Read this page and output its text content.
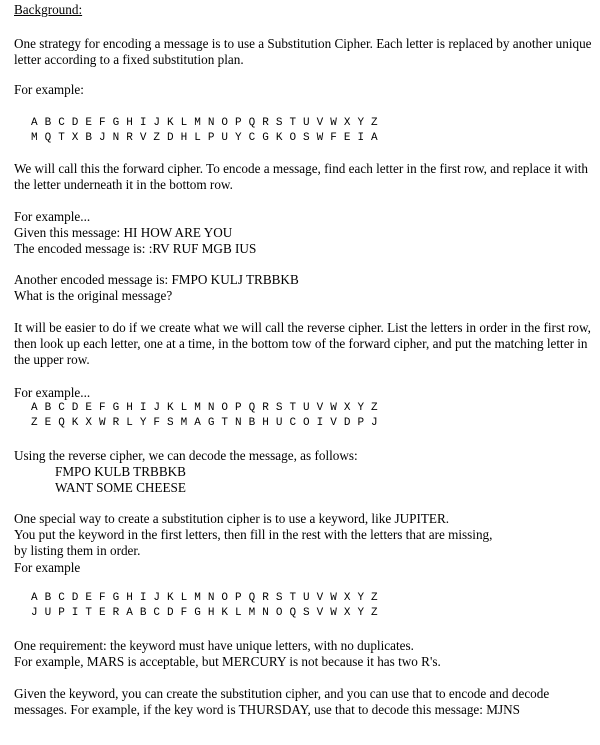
Background:
One strategy for encoding a message is to use a Substitution Cipher. Each letter is replaced by another unique letter according to a fixed substitution plan.
For example:
A B C D E F G H I J K L M N O P Q R S T U V W X Y Z
M Q T X B J N R V Z D H L P U Y C G K O S W F E I A
We will call this the forward cipher. To encode a message, find each letter in the first row, and replace it with the letter underneath it in the bottom row.

For example...

Given this message: HI HOW ARE YOU

The encoded message is: :RV RUF MGB IUS

Another encoded message is: FMPO KULJ TRBBKB

What is the original message?

It will be easier to do if we create what we will call the reverse cipher. List the letters in order in the first row, then look up each letter, one at a time, in the bottom tow of the forward cipher, and put the matching letter in the upper row.
For example...
A B C D E F G H I J K L M N O P Q R S T U V W X Y Z
Z E Q K X W R L Y F S M A G T N B H U C O I V D P J

Using the reverse cipher, we can decode the message, as follows:

FMPO KULB TRBBKB

WANT SOME CHEESE

One special way to create a substitution cipher is to use a keyword, like JUPITER.

You put the keyword in the first letters, then fill in the rest with the letters that are missing,

by listing them in order.

For example

A B C D E F G H I J K L M N O P Q R S T U V W X Y Z
J U P I T E R A B C D F G H K L M N O Q S V W X Y Z

One requirement: the keyword must have unique letters, with no duplicates.

For example, MARS is acceptable, but MERCURY is not because it has two R's.

Given the keyword, you can create the substitution cipher, and you can use that to encode and decode messages. For example, if the key word is THURSDAY, use that to decode this message: MJNS
